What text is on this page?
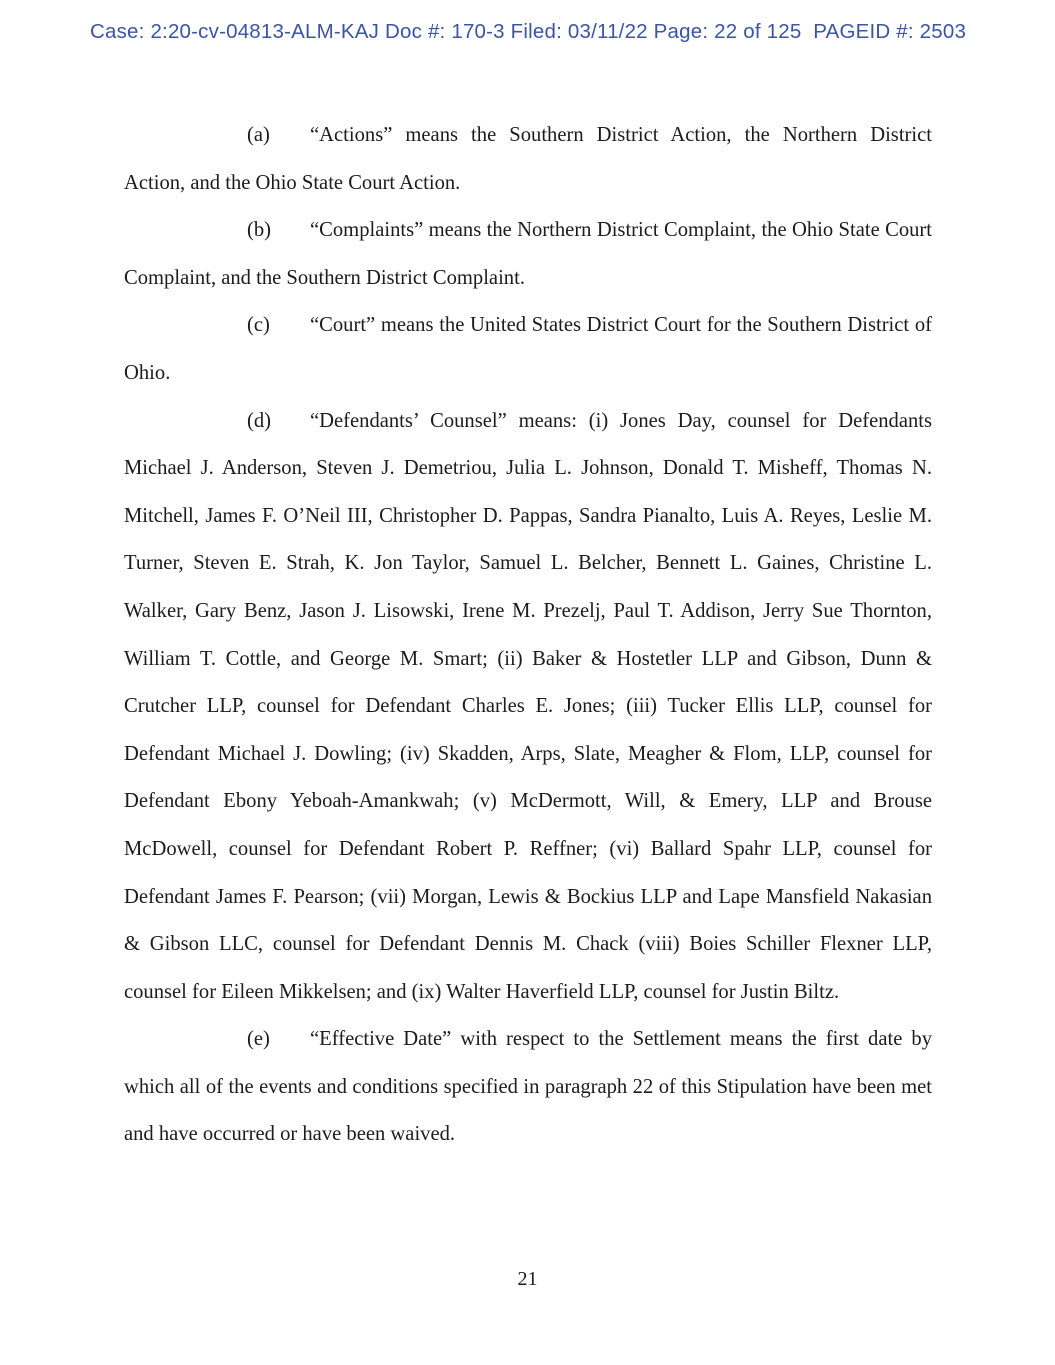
Case: 2:20-cv-04813-ALM-KAJ Doc #: 170-3 Filed: 03/11/22 Page: 22 of 125  PAGEID #: 2503

(a) “Actions” means the Southern District Action, the Northern District Action, and the Ohio State Court Action.

(b) “Complaints” means the Northern District Complaint, the Ohio State Court Complaint, and the Southern District Complaint.

(c) “Court” means the United States District Court for the Southern District of Ohio.

(d) “Defendants’ Counsel” means: (i) Jones Day, counsel for Defendants Michael J. Anderson, Steven J. Demetriou, Julia L. Johnson, Donald T. Misheff, Thomas N. Mitchell, James F. O’Neil III, Christopher D. Pappas, Sandra Pianalto, Luis A. Reyes, Leslie M. Turner, Steven E. Strah, K. Jon Taylor, Samuel L. Belcher, Bennett L. Gaines, Christine L. Walker, Gary Benz, Jason J. Lisowski, Irene M. Prezelj, Paul T. Addison, Jerry Sue Thornton, William T. Cottle, and George M. Smart; (ii) Baker & Hostetler LLP and Gibson, Dunn & Crutcher LLP, counsel for Defendant Charles E. Jones; (iii) Tucker Ellis LLP, counsel for Defendant Michael J. Dowling; (iv) Skadden, Arps, Slate, Meagher & Flom, LLP, counsel for Defendant Ebony Yeboah-Amankwah; (v) McDermott, Will, & Emery, LLP and Brouse McDowell, counsel for Defendant Robert P. Reffner; (vi) Ballard Spahr LLP, counsel for Defendant James F. Pearson; (vii) Morgan, Lewis & Bockius LLP and Lape Mansfield Nakasian & Gibson LLC, counsel for Defendant Dennis M. Chack (viii) Boies Schiller Flexner LLP, counsel for Eileen Mikkelsen; and (ix) Walter Haverfield LLP, counsel for Justin Biltz.

(e) “Effective Date” with respect to the Settlement means the first date by which all of the events and conditions specified in paragraph 22 of this Stipulation have been met and have occurred or have been waived.

21
